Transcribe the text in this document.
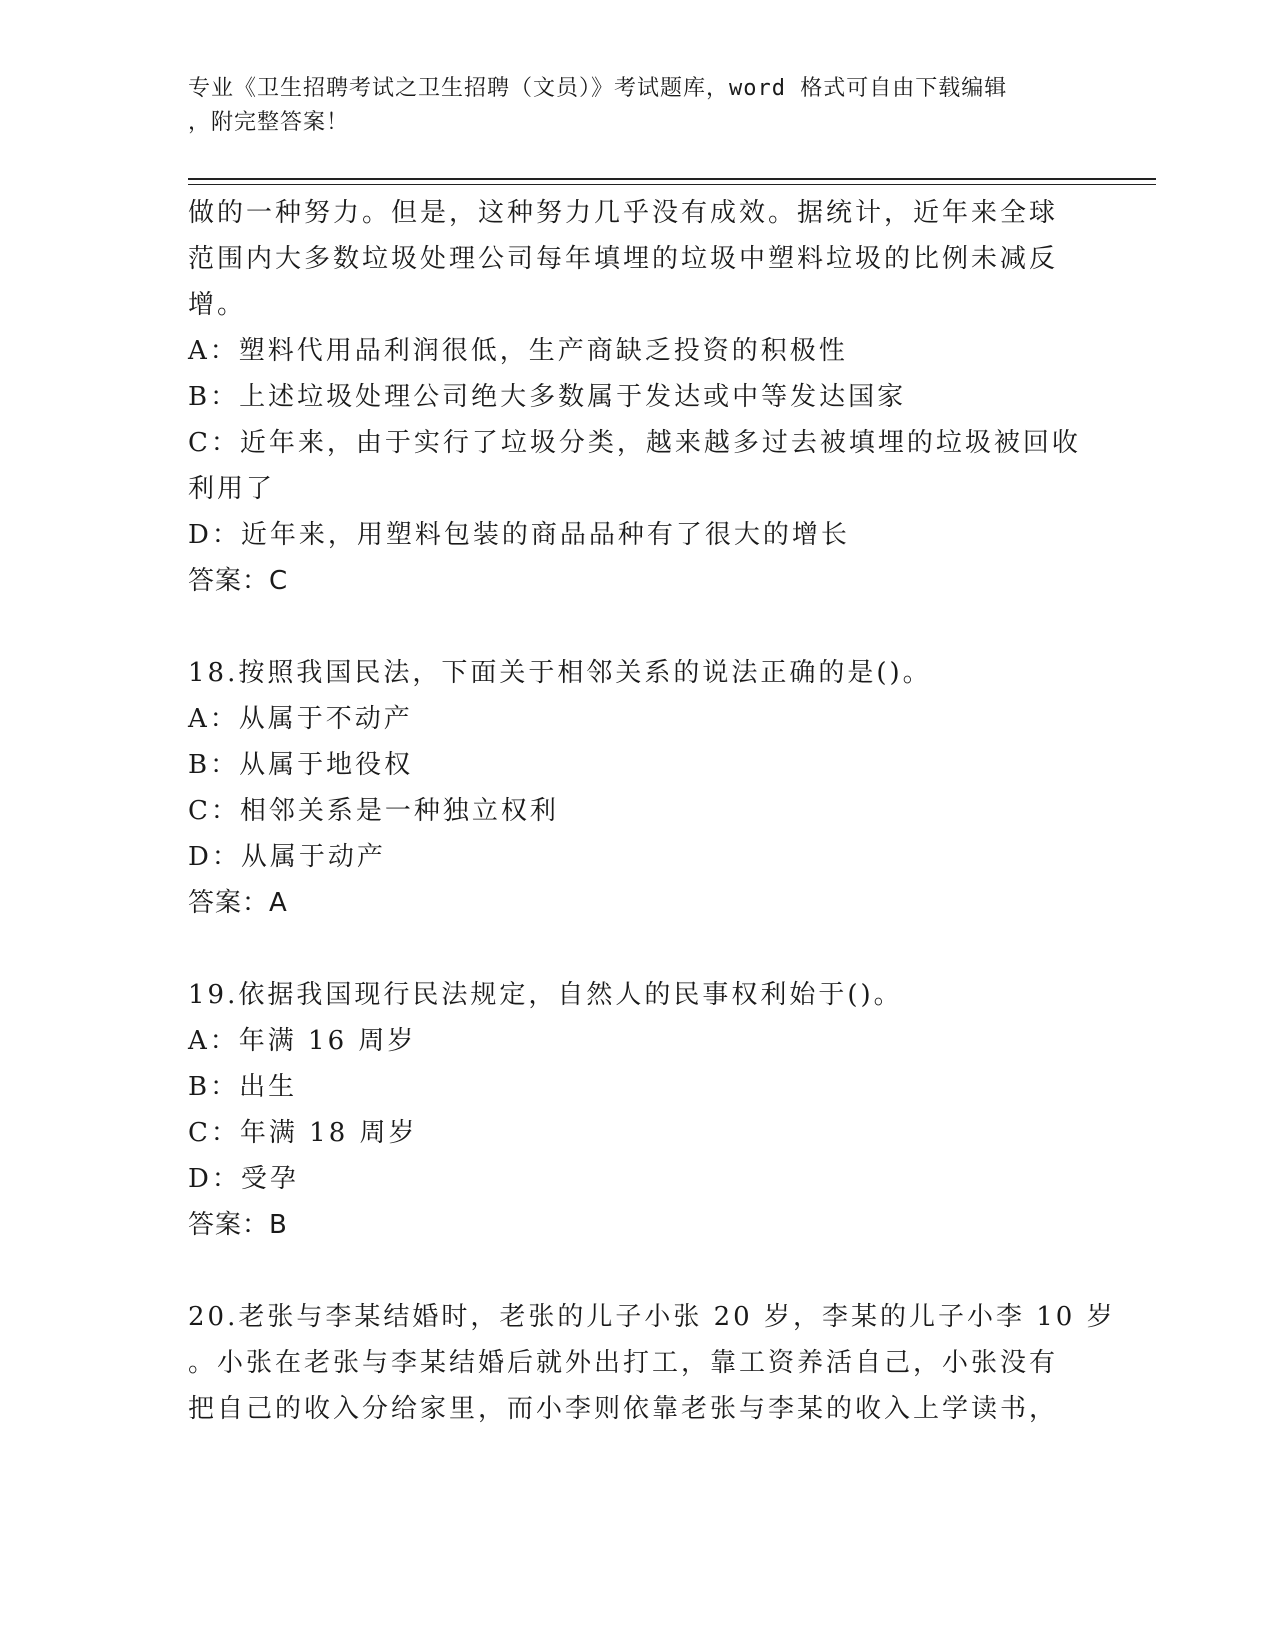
专业《卫生招聘考试之卫生招聘（文员）》考试题库，word 格式可自由下载编辑
，附完整答案！
做的一种努力。但是，这种努力几乎没有成效。据统计，近年来全球
范围内大多数垃圾处理公司每年填埋的垃圾中塑料垃圾的比例未减反
增。
A：塑料代用品利润很低，生产商缺乏投资的积极性
B：上述垃圾处理公司绝大多数属于发达或中等发达国家
C：近年来，由于实行了垃圾分类，越来越多过去被填埋的垃圾被回收
利用了
D：近年来，用塑料包装的商品品种有了很大的增长
答案：C
18.按照我国民法，下面关于相邻关系的说法正确的是()。
A：从属于不动产
B：从属于地役权
C：相邻关系是一种独立权利
D：从属于动产
答案：A
19.依据我国现行民法规定，自然人的民事权利始于()。
A：年满 16 周岁
B：出生
C：年满 18 周岁
D：受孕
答案：B
20.老张与李某结婚时，老张的儿子小张 20 岁，李某的儿子小李 10 岁
。小张在老张与李某结婚后就外出打工，靠工资养活自己，小张没有
把自己的收入分给家里，而小李则依靠老张与李某的收入上学读书，
